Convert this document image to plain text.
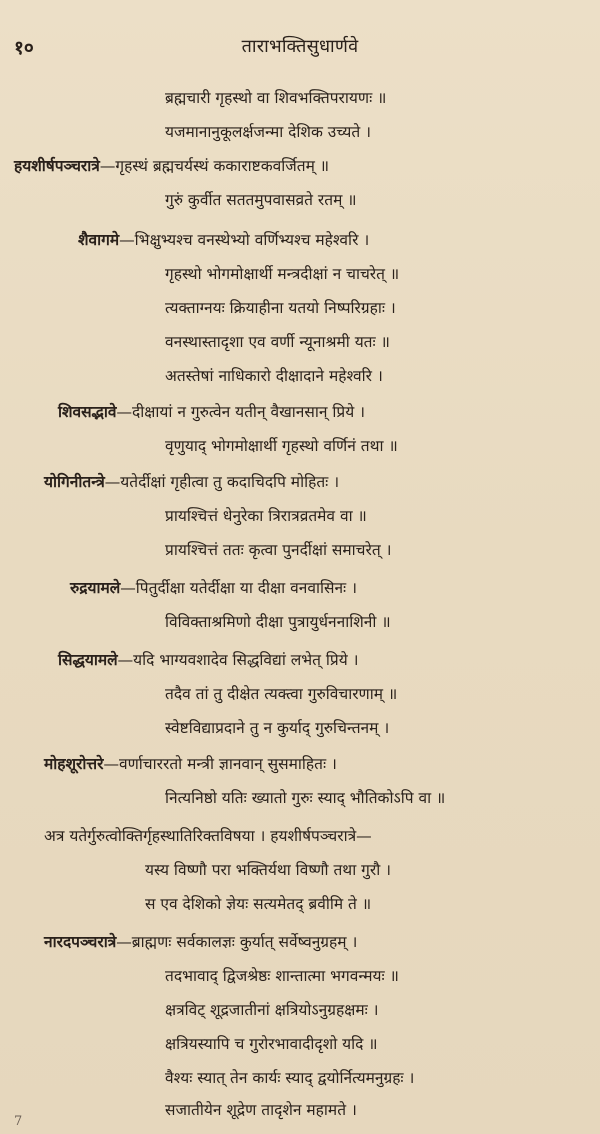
१०	ताराभक्तिसुधार्णवे
ब्रह्मचारी गृहस्थो वा शिवभक्तिपरायणः ॥
यजमानानुकूलर्क्षजन्मा देशिक उच्यते ।
हयशीर्षपञ्चरात्रे—गृहस्थं ब्रह्मचर्यस्थं ककाराष्टकवर्जितम् ॥
गुरुं कुर्वीत सततमुपवासव्रते रतम् ॥
शैवागमे—भिक्षुभ्यश्च वनस्थेभ्यो वर्णिभ्यश्च महेश्वरि ।
गृहस्थो भोगमोक्षार्थी मन्त्रदीक्षां न चाचरेत् ॥
त्यक्ताग्नयः क्रियाहीना यतयो निष्परिग्रहाः ।
वनस्थास्तादृशा एव वर्णी न्यूनाश्रमी यतः ॥
अतस्तेषां नाधिकारो दीक्षादाने महेश्वरि ।
शिवसद्भावे—दीक्षायां न गुरुत्वेन यतीन् वैखानसान् प्रिये ।
वृणुयाद् भोगमोक्षार्थी गृहस्थो वर्णिनं तथा ॥
योगिनीतन्त्रे—यतेर्दीक्षां गृहीत्वा तु कदाचिदपि मोहितः ।
प्रायश्चित्तं धेनुरेका त्रिरात्रव्रतमेव वा ॥
प्रायश्चित्तं ततः कृत्वा पुनर्दीक्षां समाचरेत् ।
रुद्रयामले—पितुर्दीक्षा यतेर्दीक्षा या दीक्षा वनवासिनः ।
विविक्ताश्रमिणो दीक्षा पुत्रायुर्धननाशिनी ॥
सिद्धयामले—यदि भाग्यवशादेव सिद्धविद्यां लभेत् प्रिये ।
तदैव तां तु दीक्षेत त्यक्त्वा गुरुविचारणाम् ॥
स्वेष्टविद्याप्रदाने तु न कुर्याद् गुरुचिन्तनम् ।
मोहशूरोत्तरे—वर्णाचाररतो मन्त्री ज्ञानवान् सुसमाहितः ।
नित्यनिष्ठो यतिः ख्यातो गुरुः स्याद् भौतिकोऽपि वा ॥
अत्र यतेर्गुरुत्वोक्तिर्गृहस्थातिरिक्तविषया । हयशीर्षपञ्चरात्रे—
यस्य विष्णौ परा भक्तिर्यथा विष्णौ तथा गुरौ ।
स एव देशिको ज्ञेयः सत्यमेतद् ब्रवीमि ते ॥
नारदपञ्चरात्रे—ब्राह्मणः सर्वकालज्ञः कुर्यात् सर्वेष्वनुग्रहम् ।
तदभावाद् द्विजश्रेष्ठः शान्तात्मा भगवन्मयः ॥
क्षत्रविट् शूद्रजातीनां क्षत्रियोऽनुग्रहक्षमः ।
क्षत्रियस्यापि च गुरोरभावादीदृशो यदि ॥
वैश्यः स्यात् तेन कार्यः स्याद् द्वयोर्नित्यमनुग्रहः ।
सजातीयेन शूद्रेण तादृशेन महामते ।
7
